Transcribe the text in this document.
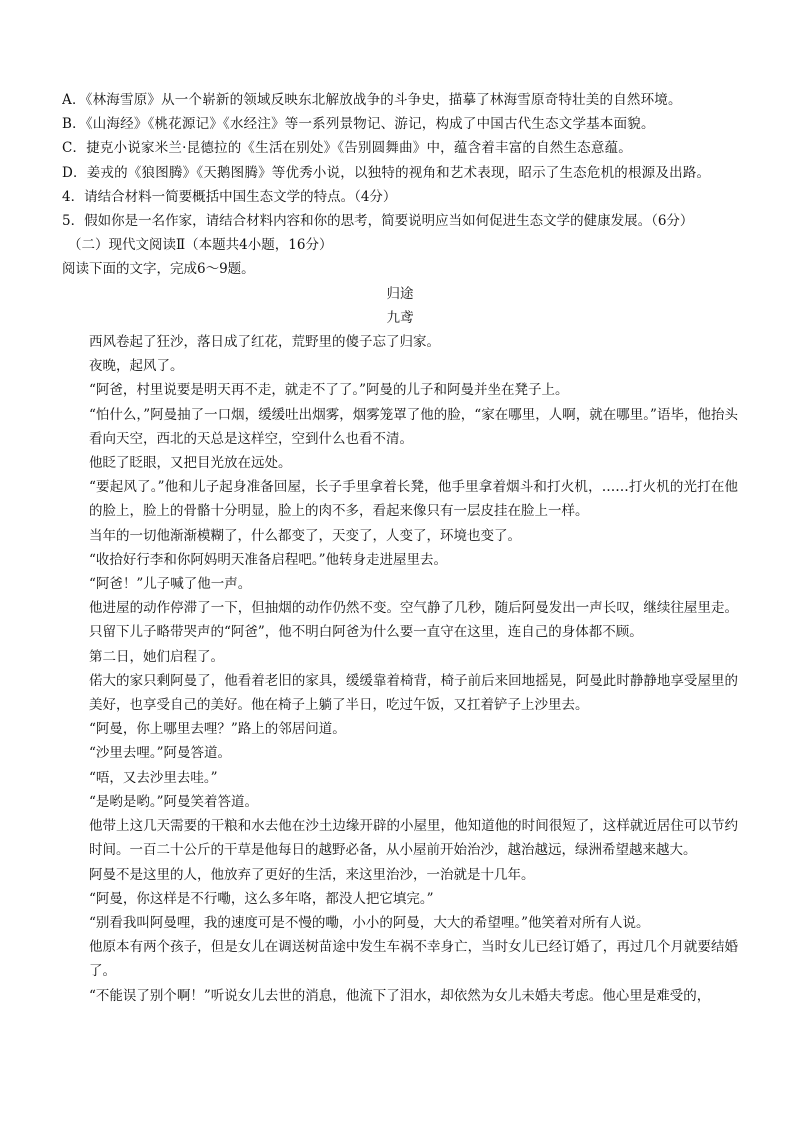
A．《林海雪原》从一个崭新的领域反映东北解放战争的斗争史，描摹了林海雪原奇特壮美的自然环境。
B．《山海经》《桃花源记》《水经注》等一系列景物记、游记，构成了中国古代生态文学基本面貌。
C．捷克小说家米兰·昆德拉的《生活在别处》《告别圆舞曲》中，蕴含着丰富的自然生态意蕴。
D．姜戎的《狼图腾》《天鹅图腾》等优秀小说，以独特的视角和艺术表现，昭示了生态危机的根源及出路。
4．请结合材料一简要概括中国生态文学的特点。（4分）
5．假如你是一名作家，请结合材料内容和你的思考，简要说明应当如何促进生态文学的健康发展。（6分）
（二）现代文阅读Ⅱ（本题共4小题，16分）
阅读下面的文字，完成6～9题。
归途
九鸢
西风卷起了狂沙，落日成了红花，荒野里的傻子忘了归家。
夜晚，起风了。
“阿爸，村里说要是明天再不走，就走不了了。”阿曼的儿子和阿曼并坐在凳子上。
“怕什么，”阿曼抽了一口烟，缓缓吐出烟雾，烟雾笼罩了他的脸，“家在哪里，人啊，就在哪里。”语毕，他抬头看向天空，西北的天总是这样空，空到什么也看不清。
他眨了眨眼，又把目光放在远处。
“要起风了。”他和儿子起身准备回屋，长子手里拿着长凳，他手里拿着烟斗和打火机，……打火机的光打在他的脸上，脸上的骨骼十分明显，脸上的肉不多，看起来像只有一层皮挂在脸上一样。
当年的一切他渐渐模糊了，什么都变了，天变了，人变了，环境也变了。
“收拾好行李和你阿妈明天准备启程吧。”他转身走进屋里去。
“阿爸！”儿子喊了他一声。
他进屋的动作停滞了一下，但抽烟的动作仍然不变。空气静了几秒，随后阿曼发出一声长叹，继续往屋里走。只留下儿子略带哭声的“阿爸”，他不明白阿爸为什么要一直守在这里，连自己的身体都不顾。
第二日，她们启程了。
偌大的家只剩阿曼了，他看着老旧的家具，缓缓靠着椅背，椅子前后来回地摇晃，阿曼此时静静地享受屋里的美好，也享受自己的美好。他在椅子上躺了半日，吃过午饭，又扛着铲子上沙里去。
“阿曼，你上哪里去哩？”路上的邻居问道。
“沙里去哩。”阿曼答道。
“唔，又去沙里去哇。”
“是哟是哟。”阿曼笑着答道。
他带上这几天需要的干粮和水去他在沙土边缘开辟的小屋里，他知道他的时间很短了，这样就近居住可以节约时间。一百二十公斤的干草是他每日的越野必备，从小屋前开始治沙，越治越远，绿洲希望越来越大。
阿曼不是这里的人，他放弃了更好的生活，来这里治沙，一治就是十几年。
“阿曼，你这样是不行嘞，这么多年咯，都没人把它填完。”
“别看我叫阿曼哩，我的速度可是不慢的嘞，小小的阿曼，大大的希望哩。”他笑着对所有人说。
他原本有两个孩子，但是女儿在调送树苗途中发生车祸不幸身亡，当时女儿已经订婚了，再过几个月就要结婚了。
“不能误了别个啊！”听说女儿去世的消息，他流下了泪水，却依然为女儿未婚夫考虑。他心里是难受的，
